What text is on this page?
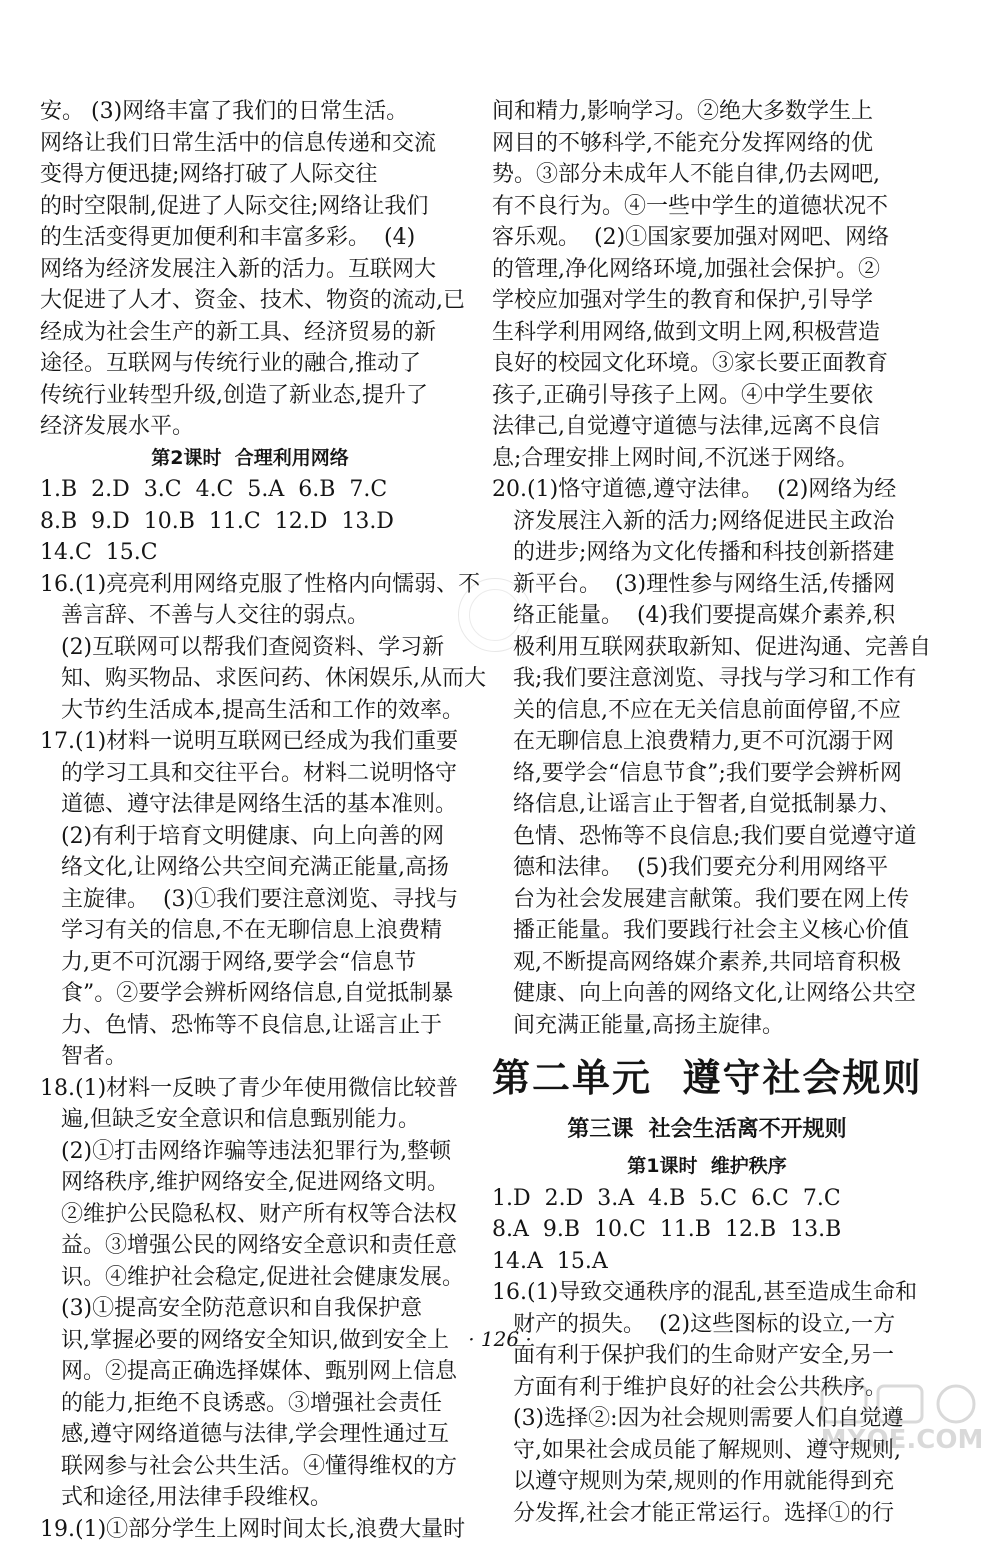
安。 (3)网络丰富了我们的日常生活。
网络让我们日常生活中的信息传递和交流
变得方便迅捷;网络打破了人际交往
的时空限制,促进了人际交往;网络让我们
的生活变得更加便利和丰富多彩。  (4)
网络为经济发展注入新的活力。互联网大
大促进了人才、资金、技术、物资的流动,已
经成为社会生产的新工具、经济贸易的新
途径。互联网与传统行业的融合,推动了
传统行业转型升级,创造了新业态,提升了
经济发展水平。
第2课时  合理利用网络
1.B  2.D  3.C  4.C  5.A  6.B  7.C
8.B  9.D  10.B  11.C  12.D  13.D
14.C  15.C
16.(1)亮亮利用网络克服了性格内向懦弱、不
善言辞、不善与人交往的弱点。
(2)互联网可以帮我们查阅资料、学习新
知、购买物品、求医问药、休闲娱乐,从而大
大节约生活成本,提高生活和工作的效率。
17.(1)材料一说明互联网已经成为我们重要
的学习工具和交往平台。材料二说明恪守
道德、遵守法律是网络生活的基本准则。
(2)有利于培育文明健康、向上向善的网
络文化,让网络公共空间充满正能量,高扬
主旋律。  (3)①我们要注意浏览、寻找与
学习有关的信息,不在无聊信息上浪费精
力,更不可沉溺于网络,要学会“信息节
食”。②要学会辨析网络信息,自觉抵制暴
力、色情、恐怖等不良信息,让谣言止于
智者。
18.(1)材料一反映了青少年使用微信比较普
遍,但缺乏安全意识和信息甄别能力。
(2)①打击网络诈骗等违法犯罪行为,整顿
网络秩序,维护网络安全,促进网络文明。
②维护公民隐私权、财产所有权等合法权
益。③增强公民的网络安全意识和责任意
识。④维护社会稳定,促进社会健康发展。
(3)①提高安全防范意识和自我保护意
识,掌握必要的网络安全知识,做到安全上
网。②提高正确选择媒体、甄别网上信息
的能力,拒绝不良诱惑。③增强社会责任
感,遵守网络道德与法律,学会理性通过互
联网参与社会公共生活。④懂得维权的方
式和途径,用法律手段维权。
19.(1)①部分学生上网时间太长,浪费大量时
间和精力,影响学习。②绝大多数学生上
网目的不够科学,不能充分发挥网络的优
势。③部分未成年人不能自律,仍去网吧,
有不良行为。④一些中学生的道德状况不
容乐观。  (2)①国家要加强对网吧、网络
的管理,净化网络环境,加强社会保护。②
学校应加强对学生的教育和保护,引导学
生科学利用网络,做到文明上网,积极营造
良好的校园文化环境。③家长要正面教育
孩子,正确引导孩子上网。④中学生要依
法律己,自觉遵守道德与法律,远离不良信
息;合理安排上网时间,不沉迷于网络。
20.(1)恪守道德,遵守法律。  (2)网络为经
济发展注入新的活力;网络促进民主政治
的进步;网络为文化传播和科技创新搭建
新平台。  (3)理性参与网络生活,传播网
络正能量。  (4)我们要提高媒介素养,积
极利用互联网获取新知、促进沟通、完善自
我;我们要注意浏览、寻找与学习和工作有
关的信息,不应在无关信息前面停留,不应
在无聊信息上浪费精力,更不可沉溺于网
络,要学会“信息节食”;我们要学会辨析网
络信息,让谣言止于智者,自觉抵制暴力、
色情、恐怖等不良信息;我们要自觉遵守道
德和法律。  (5)我们要充分利用网络平
台为社会发展建言献策。我们要在网上传
播正能量。我们要践行社会主义核心价值
观,不断提高网络媒介素养,共同培育积极
健康、向上向善的网络文化,让网络公共空
间充满正能量,高扬主旋律。
第二单元  遵守社会规则
第三课  社会生活离不开规则
第1课时  维护秩序
1.D  2.D  3.A  4.B  5.C  6.C  7.C
8.A  9.B  10.C  11.B  12.B  13.B
14.A  15.A
16.(1)导致交通秩序的混乱,甚至造成生命和
财产的损失。  (2)这些图标的设立,一方
面有利于保护我们的生命财产安全,另一
方面有利于维护良好的社会公共秩序。
(3)选择②:因为社会规则需要人们自觉遵
守,如果社会成员能了解规则、遵守规则,
以遵守规则为荣,规则的作用就能得到充
分发挥,社会才能正常运行。选择①的行
· 126 ·
MXQE.COM
